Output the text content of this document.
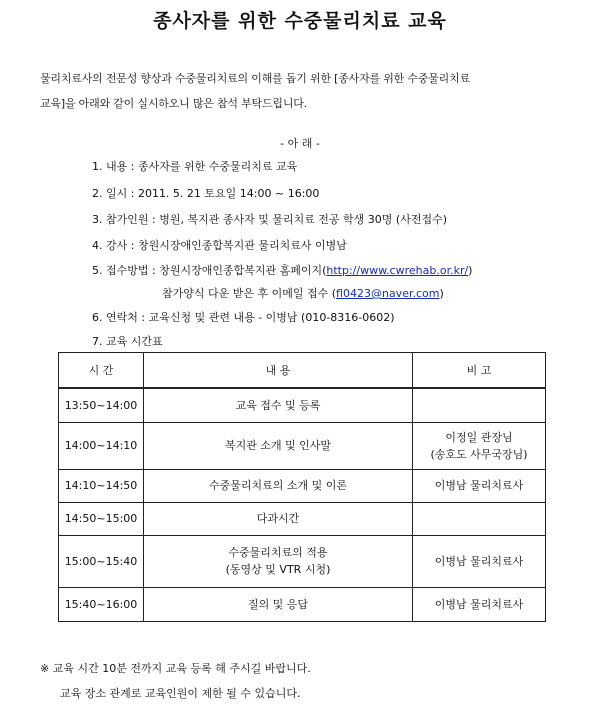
종사자를 위한 수중물리치료 교육

물리치료사의 전문성 향상과 수중물리치료의 이해를 돕기 위한 [종사자를 위한 수중물리치료

교육]을 아래와 같이 실시하오니 많은 참석 부탁드립니다.

- 아 래 -
1. 내용 : 종사자를 위한 수중물리치료 교육
2. 일시 : 2011. 5. 21 토요일 14:00 ~ 16:00
3. 참가인원 : 병원, 복지관 종사자 및 물리치료 전공 학생 30명 (사전접수)
4. 강사 : 창원시장애인종합복지관 물리치료사 이병남
5. 접수방법 : 창원시장애인종합복지관 홈페이지(http://www.cwrehab.or.kr/)
참가양식 다운 받은 후 이메일 접수 (fl0423@naver.com)
6. 연락처 : 교육신청 및 관련 내용 - 이병남 (010-8316-0602)
7. 교육 시간표
시 간	내 용	비 고
13:50~14:00	교육 접수 및 등록	

14:00~14:10	복지관 소개 및 인사말	이정일 관장님
(송호도 사무국장님)

14:10~14:50	수중물리치료의 소개 및 이론	이병남 물리치료사

14:50~15:00	다과시간	

15:00~15:40	수중물리치료의 적용
(동영상 및 VTR 시청)	이병남 물리치료사

15:40~16:00	질의 및 응답	이병남 물리치료사

※ 교육 시간 10분 전까지 교육 등록 해 주시길 바랍니다.

교육 장소 관계로 교육인원이 제한 될 수 있습니다.
